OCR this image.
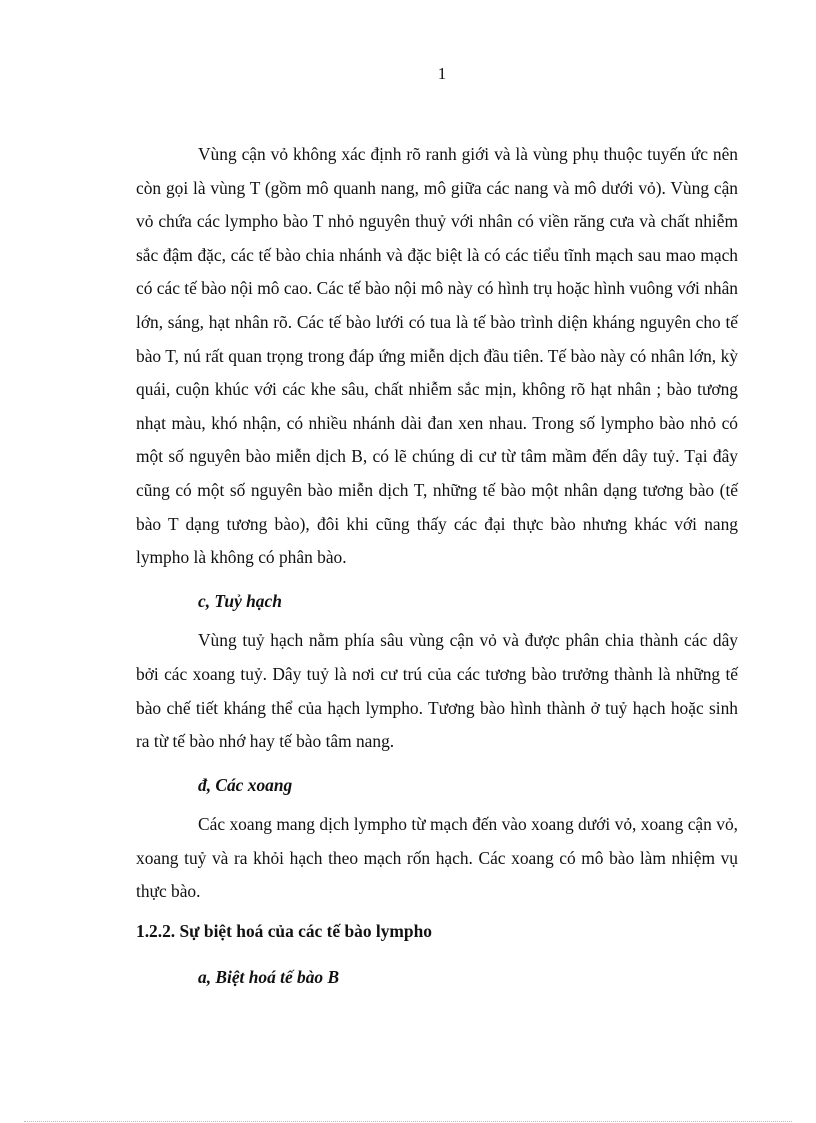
1

Vùng cận vỏ không xác định rõ ranh giới và là vùng phụ thuộc tuyến ức nên còn gọi là vùng T (gồm mô quanh nang, mô giữa các nang và mô dưới vỏ). Vùng cận vỏ chứa các lympho bào T nhỏ nguyên thuỷ với nhân có viền răng cưa và chất nhiễm sắc đậm đặc, các tế bào chia nhánh và đặc biệt là có các tiểu tĩnh mạch sau mao mạch có các tế bào nội mô cao. Các tế bào nội mô này có hình trụ hoặc hình vuông với nhân lớn, sáng, hạt nhân rõ. Các tế bào lưới có tua là tế bào trình diện kháng nguyên cho tế bào T, nú rất quan trọng trong đáp ứng miễn dịch đầu tiên. Tế bào này có nhân lớn, kỳ quái, cuộn khúc với các khe sâu, chất nhiễm sắc mịn, không rõ hạt nhân ; bào tương nhạt màu, khó nhận, có nhiều nhánh dài đan xen nhau. Trong số lympho bào nhỏ có một số nguyên bào miễn dịch B, có lẽ chúng di cư từ tâm mầm đến dây tuỷ. Tại đây cũng có một số nguyên bào miễn dịch T, những tế bào một nhân dạng tương bào (tế bào T dạng tương bào), đôi khi cũng thấy các đại thực bào nhưng khác với nang lympho là không có phân bào.

c, Tuỷ hạch

Vùng tuỷ hạch nằm phía sâu vùng cận vỏ và được phân chia thành các dây bởi các xoang tuỷ. Dây tuỷ là nơi cư trú của các tương bào trưởng thành là những tế bào chế tiết kháng thể của hạch lympho. Tương bào hình thành ở tuỷ hạch hoặc sinh ra từ tế bào nhớ hay tế bào tâm nang.

đ, Các xoang

Các xoang mang dịch lympho từ mạch đến vào xoang dưới vỏ, xoang cận vỏ, xoang tuỷ và ra khỏi hạch theo mạch rốn hạch. Các xoang có mô bào làm nhiệm vụ thực bào.

1.2.2. Sự biệt hoá của các tế bào lympho

a, Biệt hoá tế bào B
